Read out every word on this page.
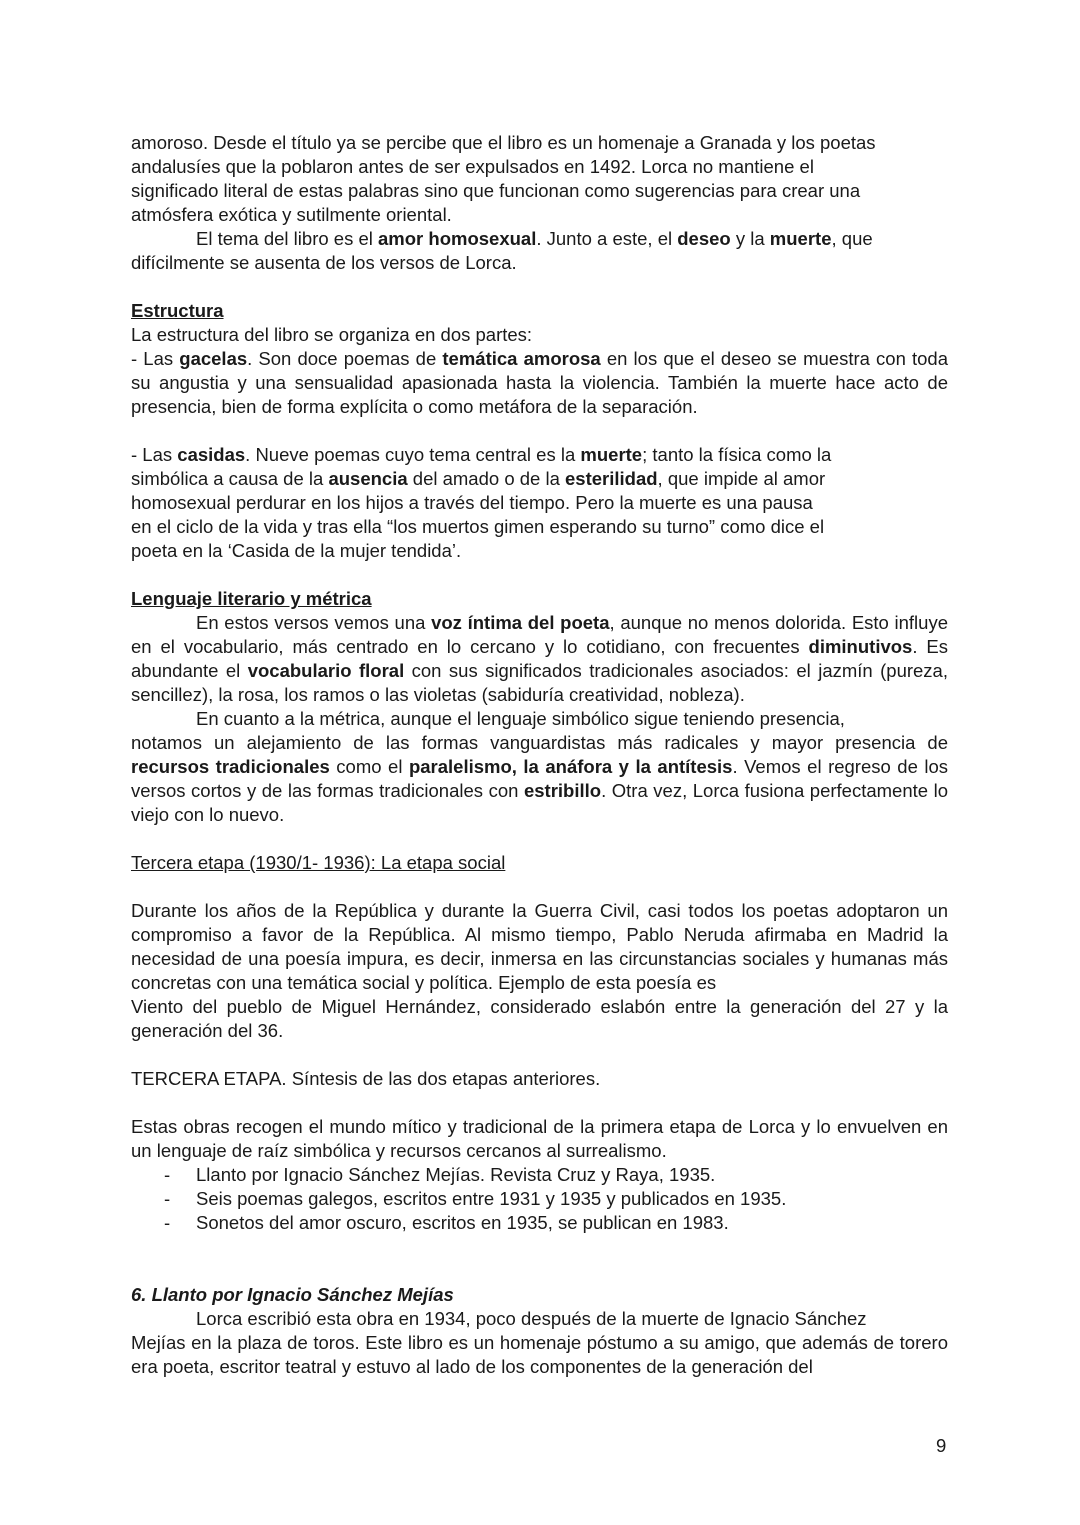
amoroso. Desde el título ya se percibe que el libro es un homenaje a Granada y los poetas

andalusíes que la poblaron antes de ser expulsados en 1492. Lorca no mantiene el

significado literal de estas palabras sino que funcionan como sugerencias para crear una

atmósfera exótica y sutilmente oriental.

El tema del libro es el amor homosexual. Junto a este, el deseo y la muerte, que difícilmente se ausenta de los versos de Lorca.

Estructura

La estructura del libro se organiza en dos partes:

- Las gacelas. Son doce poemas de temática amorosa en los que el deseo se muestra con toda su angustia y una sensualidad apasionada hasta la violencia. También la muerte hace acto de presencia, bien de forma explícita o como metáfora de la separación.

- Las casidas. Nueve poemas cuyo tema central es la muerte; tanto la física como la

simbólica a causa de la ausencia del amado o de la esterilidad, que impide al amor

homosexual perdurar en los hijos a través del tiempo. Pero la muerte es una pausa

en el ciclo de la vida y tras ella “los muertos gimen esperando su turno” como dice el

poeta en la ‘Casida de la mujer tendida’.

Lenguaje literario y métrica

En estos versos vemos una voz íntima del poeta, aunque no menos dolorida. Esto influye en el vocabulario, más centrado en lo cercano y lo cotidiano, con frecuentes diminutivos. Es abundante el vocabulario floral con sus significados tradicionales asociados: el jazmín (pureza, sencillez), la rosa, los ramos o las violetas (sabiduría creatividad, nobleza).

En cuanto a la métrica, aunque el lenguaje simbólico sigue teniendo presencia,

notamos un alejamiento de las formas vanguardistas más radicales y mayor presencia de recursos tradicionales como el paralelismo, la anáfora y la antítesis. Vemos el regreso de los versos cortos y de las formas tradicionales con estribillo. Otra vez, Lorca fusiona perfectamente lo viejo con lo nuevo.

Tercera etapa (1930/1- 1936): La etapa social

Durante los años de la República y durante la Guerra Civil, casi todos los poetas adoptaron un compromiso a favor de la República. Al mismo tiempo, Pablo Neruda afirmaba en Madrid la necesidad de una poesía impura, es decir, inmersa en las circunstancias sociales y humanas más concretas con una temática social y política. Ejemplo de esta poesía es

Viento del pueblo de Miguel Hernández, considerado eslabón entre la generación del 27 y la generación del 36.

TERCERA ETAPA. Síntesis de las dos etapas anteriores.

Estas obras recogen el mundo mítico y tradicional de la primera etapa de Lorca y lo envuelven en un lenguaje de raíz simbólica y recursos cercanos al surrealismo.

- Llanto por Ignacio Sánchez Mejías. Revista Cruz y Raya, 1935.
- Seis poemas galegos, escritos entre 1931 y 1935 y publicados en 1935.
- Sonetos del amor oscuro, escritos en 1935, se publican en 1983.

6. Llanto por Ignacio Sánchez Mejías

Lorca escribió esta obra en 1934, poco después de la muerte de Ignacio Sánchez

Mejías en la plaza de toros. Este libro es un homenaje póstumo a su amigo, que además de torero era poeta, escritor teatral y estuvo al lado de los componentes de la generación del

9
